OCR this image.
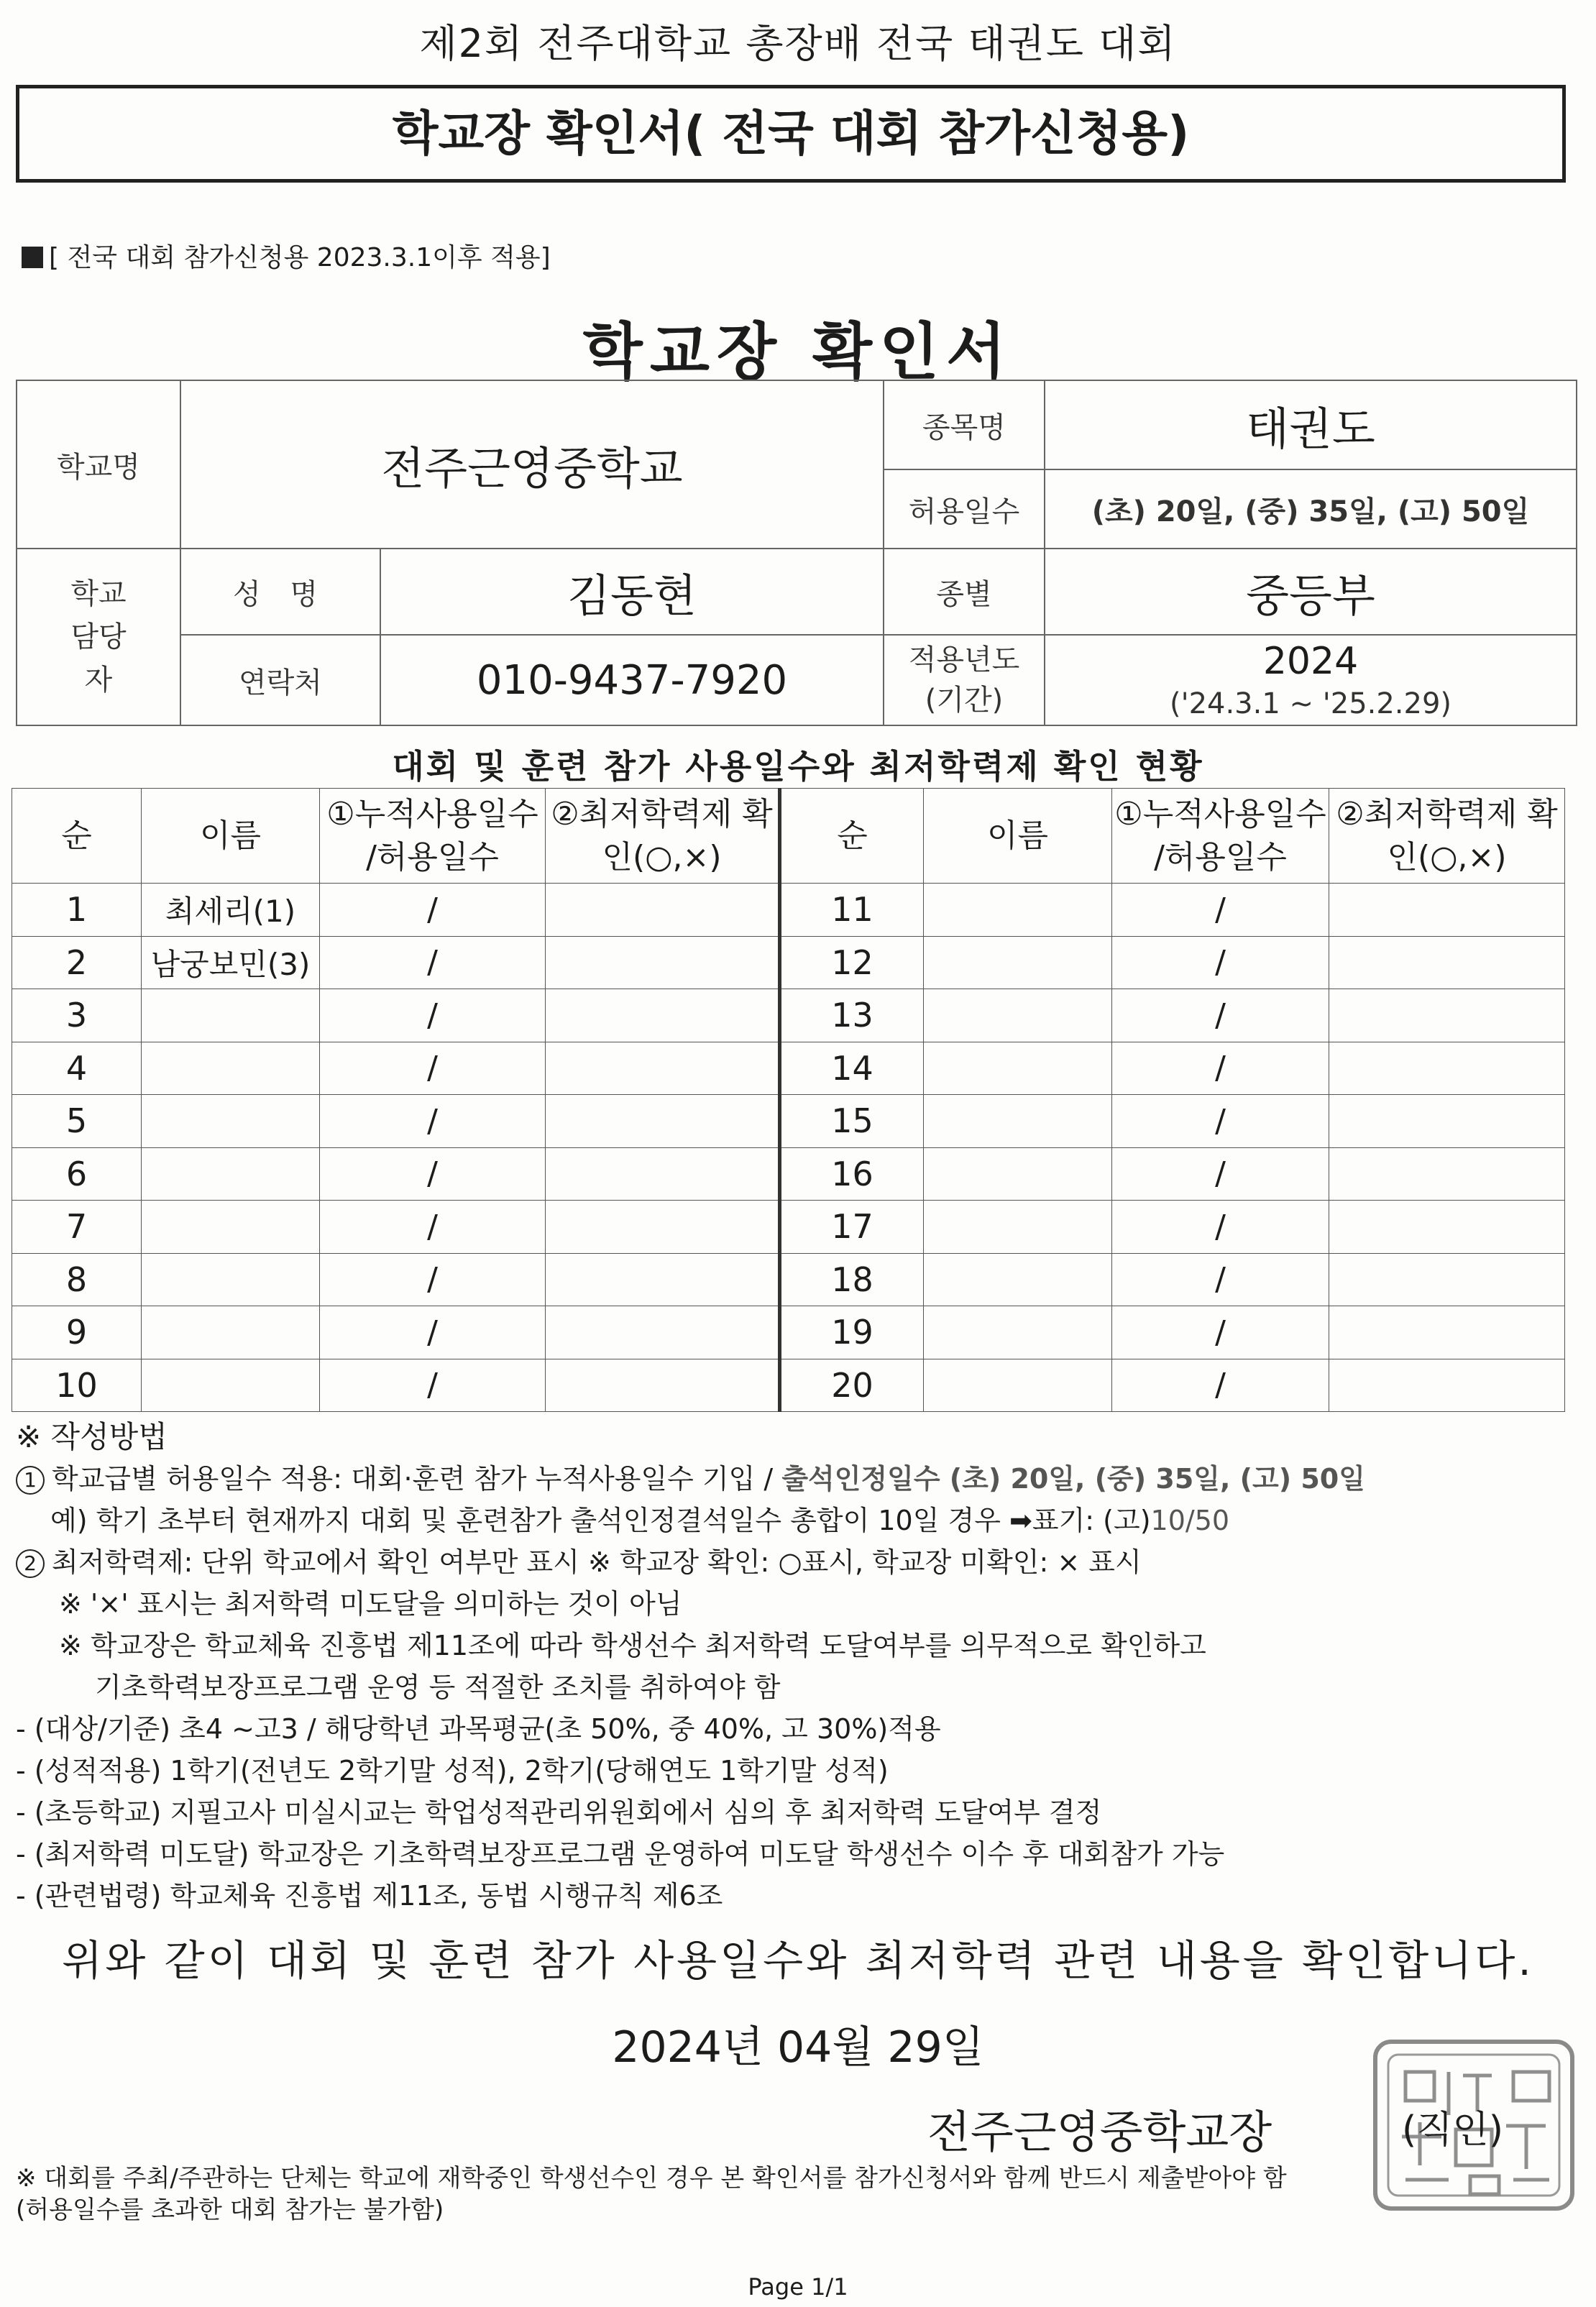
제2회 전주대학교 총장배 전국 태권도 대회
학교장 확인서( 전국 대회 참가신청용)
[ 전국 대회 참가신청용 2023.3.1이후 적용]
학교장 확인서
학교명	전주근영중학교		종목명	태권도
			허용일수	(초) 20일, (중) 35일, (고) 50일
학교 담당자	성 명	김동현	종별	중등부
	연락처	010-9437-7920	적용년도 (기간)	2024
('24.3.1 ~ '25.2.29)
대회 및 훈련 참가 사용일수와 최저학력제 확인 현황
순	이름	①누적사용일수 /허용일수	②최저학력제 확인(○,×)	순	이름	①누적사용일수 /허용일수	②최저학력제 확인(○,×)
1	최세리(1)	/		11		/	
2	남궁보민(3)	/		12		/	
3		/		13		/	
4		/		14		/	
5		/		15		/	
6		/		16		/	
7		/		17		/	
8		/		18		/	
9		/		19		/	
10		/		20		/	
※ 작성방법
1 학교급별 허용일수 적용: 대회·훈련 참가 누적사용일수 기입 / 출석인정일수 (초) 20일, (중) 35일, (고) 50일
예) 학기 초부터 현재까지 대회 및 훈련참가 출석인정결석일수 총합이 10일 경우 ➡표기: (고)10/50
2 최저학력제: 단위 학교에서 확인 여부만 표시 ※ 학교장 확인: ○표시, 학교장 미확인: × 표시
※ '×' 표시는 최저학력 미도달을 의미하는 것이 아님
※ 학교장은 학교체육 진흥법 제11조에 따라 학생선수 최저학력 도달여부를 의무적으로 확인하고
기초학력보장프로그램 운영 등 적절한 조치를 취하여야 함
- (대상/기준) 초4 ~고3 / 해당학년 과목평균(초 50%, 중 40%, 고 30%)적용
- (성적적용) 1학기(전년도 2학기말 성적), 2학기(당해연도 1학기말 성적)
- (초등학교) 지필고사 미실시교는 학업성적관리위원회에서 심의 후 최저학력 도달여부 결정
- (최저학력 미도달) 학교장은 기초학력보장프로그램 운영하여 미도달 학생선수 이수 후 대회참가 가능
- (관련법령) 학교체육 진흥법 제11조, 동법 시행규칙 제6조
위와 같이 대회 및 훈련 참가 사용일수와 최저학력 관련 내용을 확인합니다.
2024년 04월 29일
전주근영중학교장	(직인)
※ 대회를 주최/주관하는 단체는 학교에 재학중인 학생선수인 경우 본 확인서를 참가신청서와 함께 반드시 제출받아야 함
(허용일수를 초과한 대회 참가는 불가함)
Page 1/1
